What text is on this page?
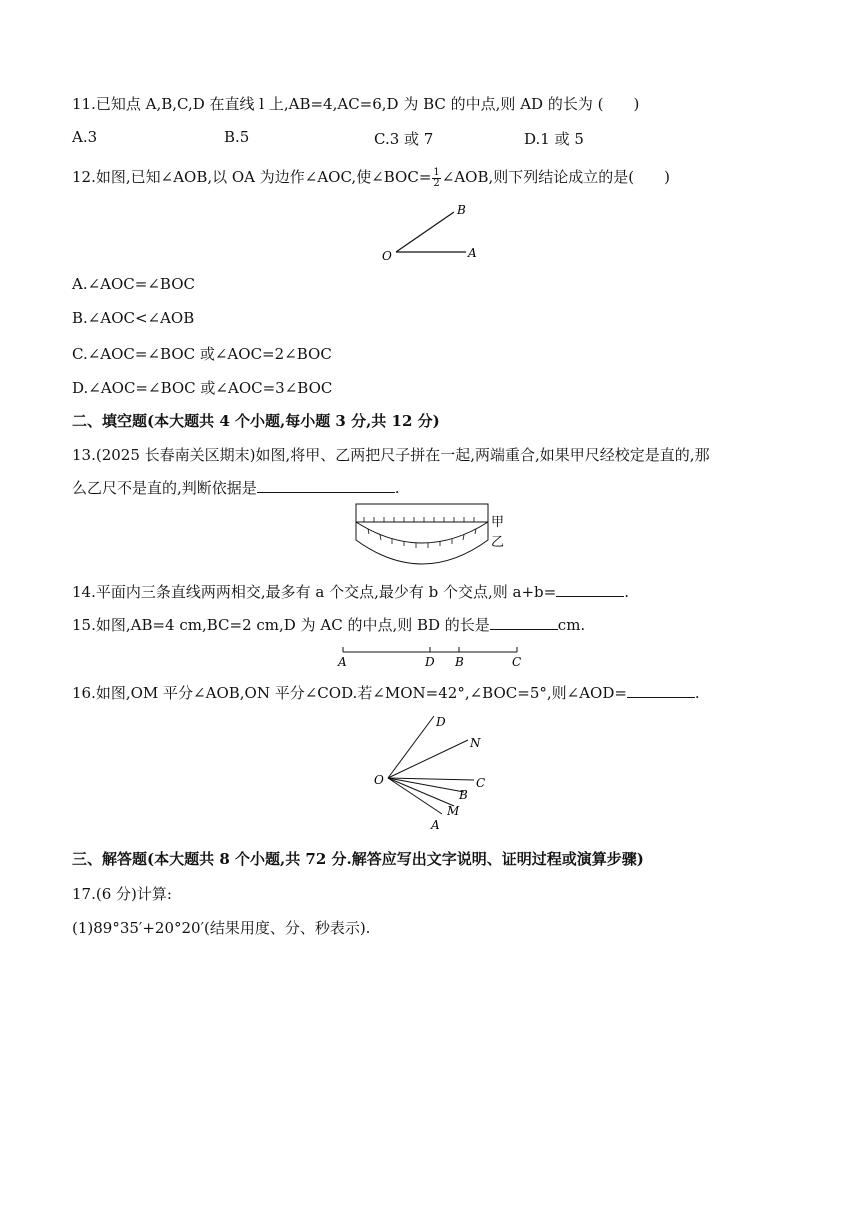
11.已知点 A,B,C,D 在直线 l 上,AB=4,AC=6,D 为 BC 的中点,则 AD 的长为 (　　)
A.3	B.5	C.3 或 7	D.1 或 5
12.如图,已知∠AOB,以 OA 为边作∠AOC,使∠BOC= $\frac{1}{2}$ ∠AOB,则下列结论成立的是(　　)
O
B
A
A.∠AOC=∠BOC
B.∠AOC<∠AOB
C.∠AOC=∠BOC 或∠AOC=2∠BOC
D.∠AOC=∠BOC 或∠AOC=3∠BOC
二、填空题(本大题共 4 个小题,每小题 3 分,共 12 分)
13.(2025 长春南关区期末)如图,将甲、乙两把尺子拼在一起,两端重合,如果甲尺经校定是直的,那
么乙尺不是直的,判断依据是	.
甲
乙
14.平面内三条直线两两相交,最多有 a 个交点,最少有 b 个交点,则 a+b=	.
15.如图,AB=4 cm,BC=2 cm,D 为 AC 的中点,则 BD 的长是	cm.
A	D B	C
16.如图,OM 平分∠AOB,ON 平分∠COD.若∠MON=42°,∠BOC=5°,则∠AOD=	.
O
D
N
C
B
M
A
三、解答题(本大题共 8 个小题,共 72 分.解答应写出文字说明、证明过程或演算步骤)
17.(6 分)计算:
(1)89°35′+20°20′(结果用度、分、秒表示).
